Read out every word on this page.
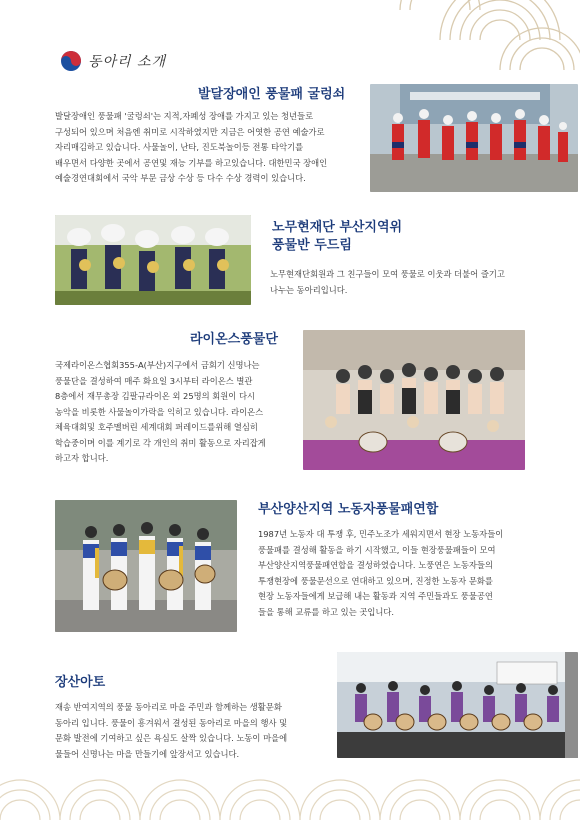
동아리 소개
발달장애인 풍물패 굴렁쇠
발달장애인 풍물패 '굴렁쇠'는 지적,자폐성 장애를 가지고 있는 청년들로
구성되어 있으며 처음엔 취미로 시작하였지만 지금은 어엿한 공연 예술가로
자리매김하고 있습니다. 사물놀이, 난타, 진도북놀이등 전통 타악기를
배우면서 다양한 곳에서 공연및 재능 기부를 하고있습니다. 대한민국 장애인
예술경연대회에서 국악 부문 금상 수상 등 다수 수상 경력이 있습니다.
노무현재단 부산지역위
풍물반 두드림
노무현재단회원과 그 친구들이 모여 풍물로 이웃과 더불어 즐기고
나누는 동아리입니다.
라이온스풍물단
국제라이온스협회355-A(부산)지구에서 금회기 신명나는
풍물단을 결성하여 매주 화요일 3시부터 라이온스 별관
8층에서 재무총장 김팔규라이온 외 25명의 회원이 다시
농악을 비롯한 사물놀이가락을 익히고 있습니다. 라이온스
체육대회및 호주멜버린 세계대회 퍼레이드를위해 열심히
학습중이며 이를 계기로 각 개인의 취미 활동으로 자리잡게
하고자 합니다.
부산양산지역 노동자풍물패연합
1987년 노동자 대 투쟁 후, 민주노조가 세워지면서 현장 노동자들이
풍물패를 결성해 활동을 하기 시작했고, 이들 현장풍물패들이 모여
부산양산지역풍물패연합을 결성하였습니다. 노풍연은 노동자들의
투쟁현장에 풍물문선으로 연대하고 있으며, 진정한 노동자 문화를
현장 노동자들에게 보급해 내는 활동과 지역 주민들과도 풍물공연
들을 통해 교류를 하고 있는 곳입니다.
장산아토
재송 반여지역의 풍물 동아리로 마을 주민과 함께하는 생활문화
동아리 입니다. 풍물이 흥겨워서 결성된 동아리로 마을의 행사 및
문화 발전에 기여하고 싶은 욕심도 살짝 있습니다. 노동이 마을에
물들어 신명나는 마을 만들기에 앞장서고 있습니다.
